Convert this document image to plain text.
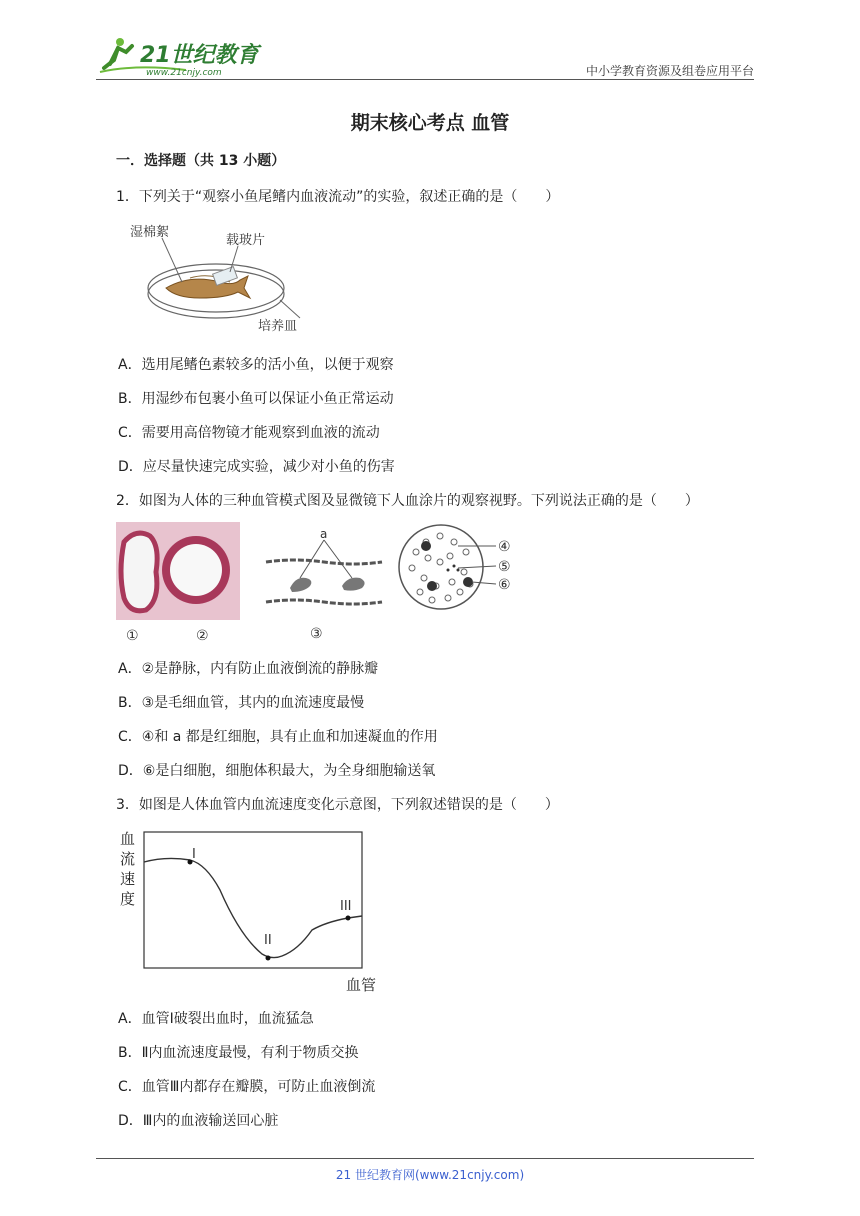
21世纪教育
www.21cnjy.com	中小学教育资源及组卷应用平台
期末核心考点 血管
一．选择题（共 13 小题）
1．下列关于“观察小鱼尾鳍内血液流动”的实验，叙述正确的是（　　）
湿棉絮
载玻片
培养皿
A．选用尾鳍色素较多的活小鱼，以便于观察
B．用湿纱布包裹小鱼可以保证小鱼正常运动
C．需要用高倍物镜才能观察到血液的流动
D．应尽量快速完成实验，减少对小鱼的伤害
2．如图为人体的三种血管模式图及显微镜下人血涂片的观察视野。下列说法正确的是（　　）
①	②
a
③
④
⑤
⑥
A．②是静脉，内有防止血液倒流的静脉瓣
B．③是毛细血管，其内的血流速度最慢
C．④和 a 都是红细胞，具有止血和加速凝血的作用
D．⑥是白细胞，细胞体积最大，为全身细胞输送氧
3．如图是人体血管内血流速度变化示意图，下列叙述错误的是（　　）
I
II
III
血
流
速
度
血管
A．血管Ⅰ破裂出血时，血流猛急
B．Ⅱ内血流速度最慢，有利于物质交换
C．血管Ⅲ内都存在瓣膜，可防止血液倒流
D．Ⅲ内的血液输送回心脏
21 世纪教育网(www.21cnjy.com)
